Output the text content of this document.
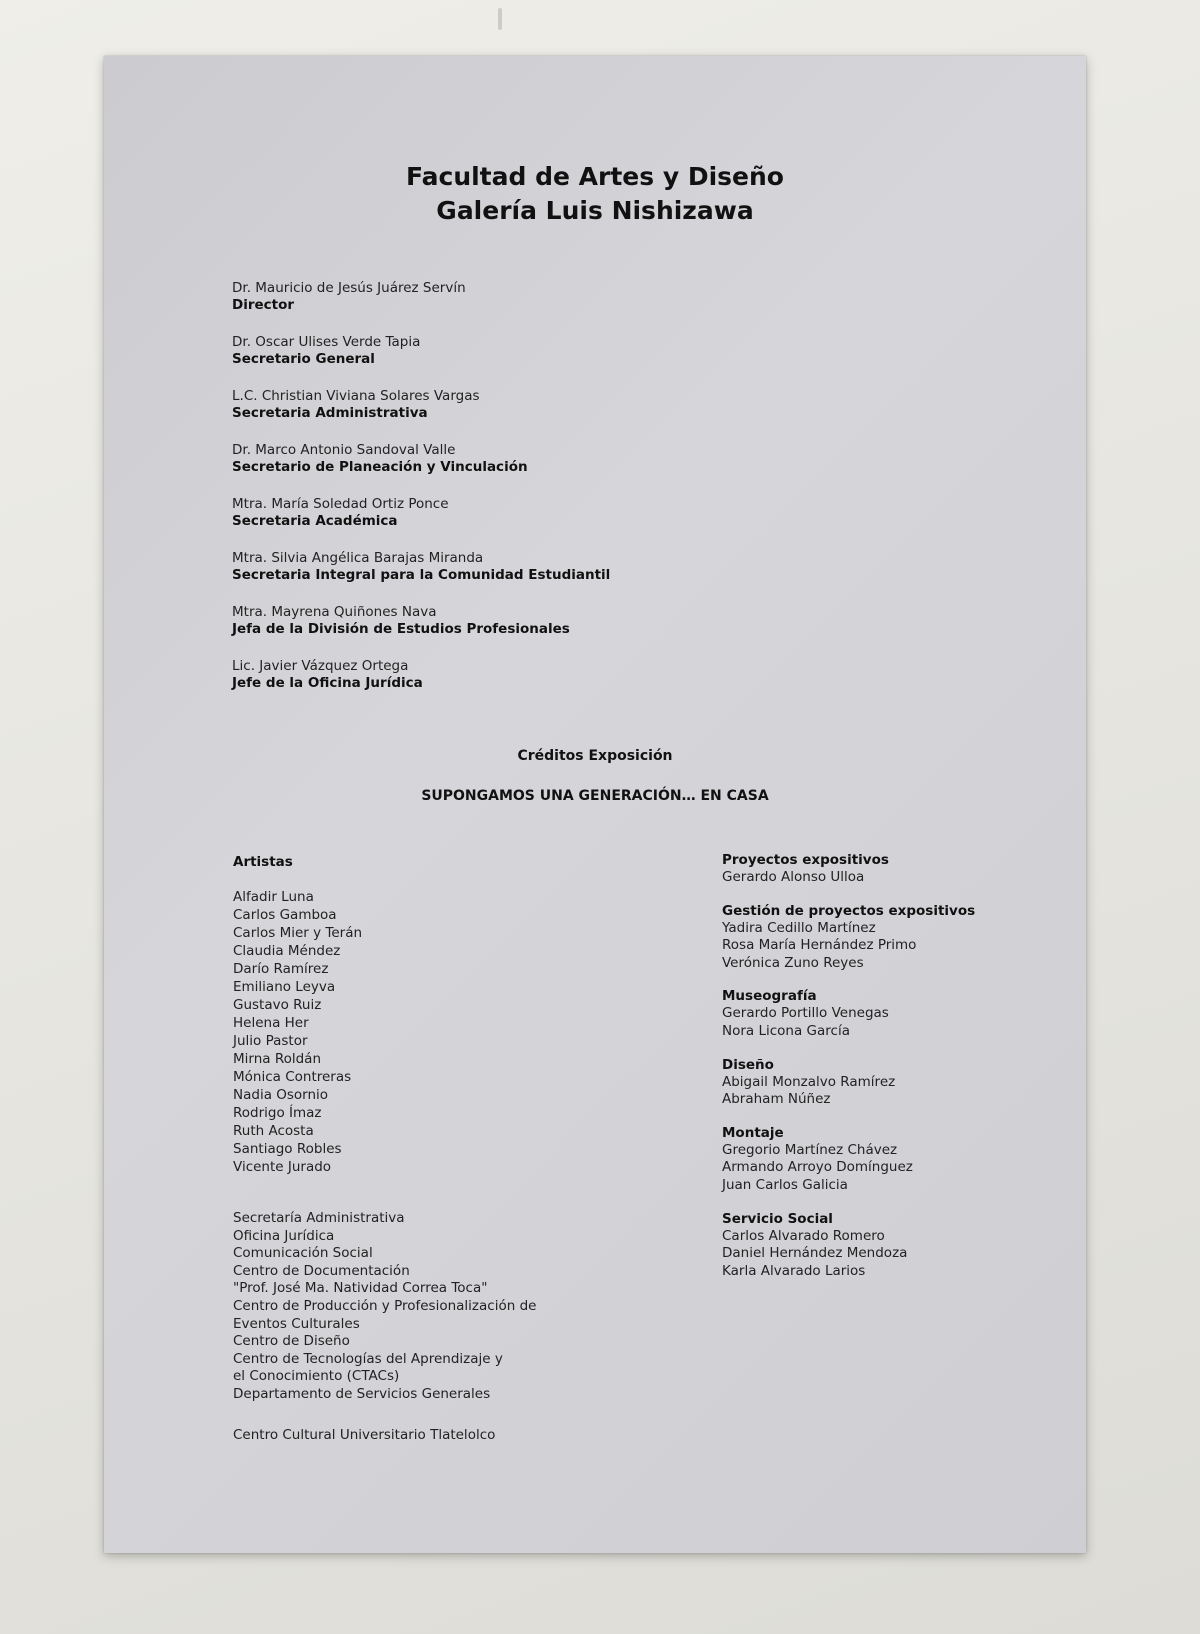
Facultad de Artes y Diseño
Galería Luis Nishizawa
Dr. Mauricio de Jesús Juárez Servín
Director
Dr. Oscar Ulises Verde Tapia
Secretario General
L.C. Christian Viviana Solares Vargas
Secretaria Administrativa
Dr. Marco Antonio Sandoval Valle
Secretario de Planeación y Vinculación
Mtra. María Soledad Ortiz Ponce
Secretaria Académica
Mtra. Silvia Angélica Barajas Miranda
Secretaria Integral para la Comunidad Estudiantil
Mtra. Mayrena Quiñones Nava
Jefa de la División de Estudios Profesionales
Lic. Javier Vázquez Ortega
Jefe de la Oficina Jurídica
Créditos Exposición
SUPONGAMOS UNA GENERACIÓN… EN CASA
Artistas
Alfadir Luna
Carlos Gamboa
Carlos Mier y Terán
Claudia Méndez
Darío Ramírez
Emiliano Leyva
Gustavo Ruiz
Helena Her
Julio Pastor
Mirna Roldán
Mónica Contreras
Nadia Osornio
Rodrigo Ímaz
Ruth Acosta
Santiago Robles
Vicente Jurado
Secretaría Administrativa
Oficina Jurídica
Comunicación Social
Centro de Documentación
"Prof. José Ma. Natividad Correa Toca"
Centro de Producción y Profesionalización de
Eventos Culturales
Centro de Diseño
Centro de Tecnologías del Aprendizaje y
el Conocimiento (CTACs)
Departamento de Servicios Generales
Centro Cultural Universitario Tlatelolco
Proyectos expositivos
Gerardo Alonso Ulloa
Gestión de proyectos expositivos
Yadira Cedillo Martínez
Rosa María Hernández Primo
Verónica Zuno Reyes
Museografía
Gerardo Portillo Venegas
Nora Licona García
Diseño
Abigail Monzalvo Ramírez
Abraham Núñez
Montaje
Gregorio Martínez Chávez
Armando Arroyo Domínguez
Juan Carlos Galicia
Servicio Social
Carlos Alvarado Romero
Daniel Hernández Mendoza
Karla Alvarado Larios
